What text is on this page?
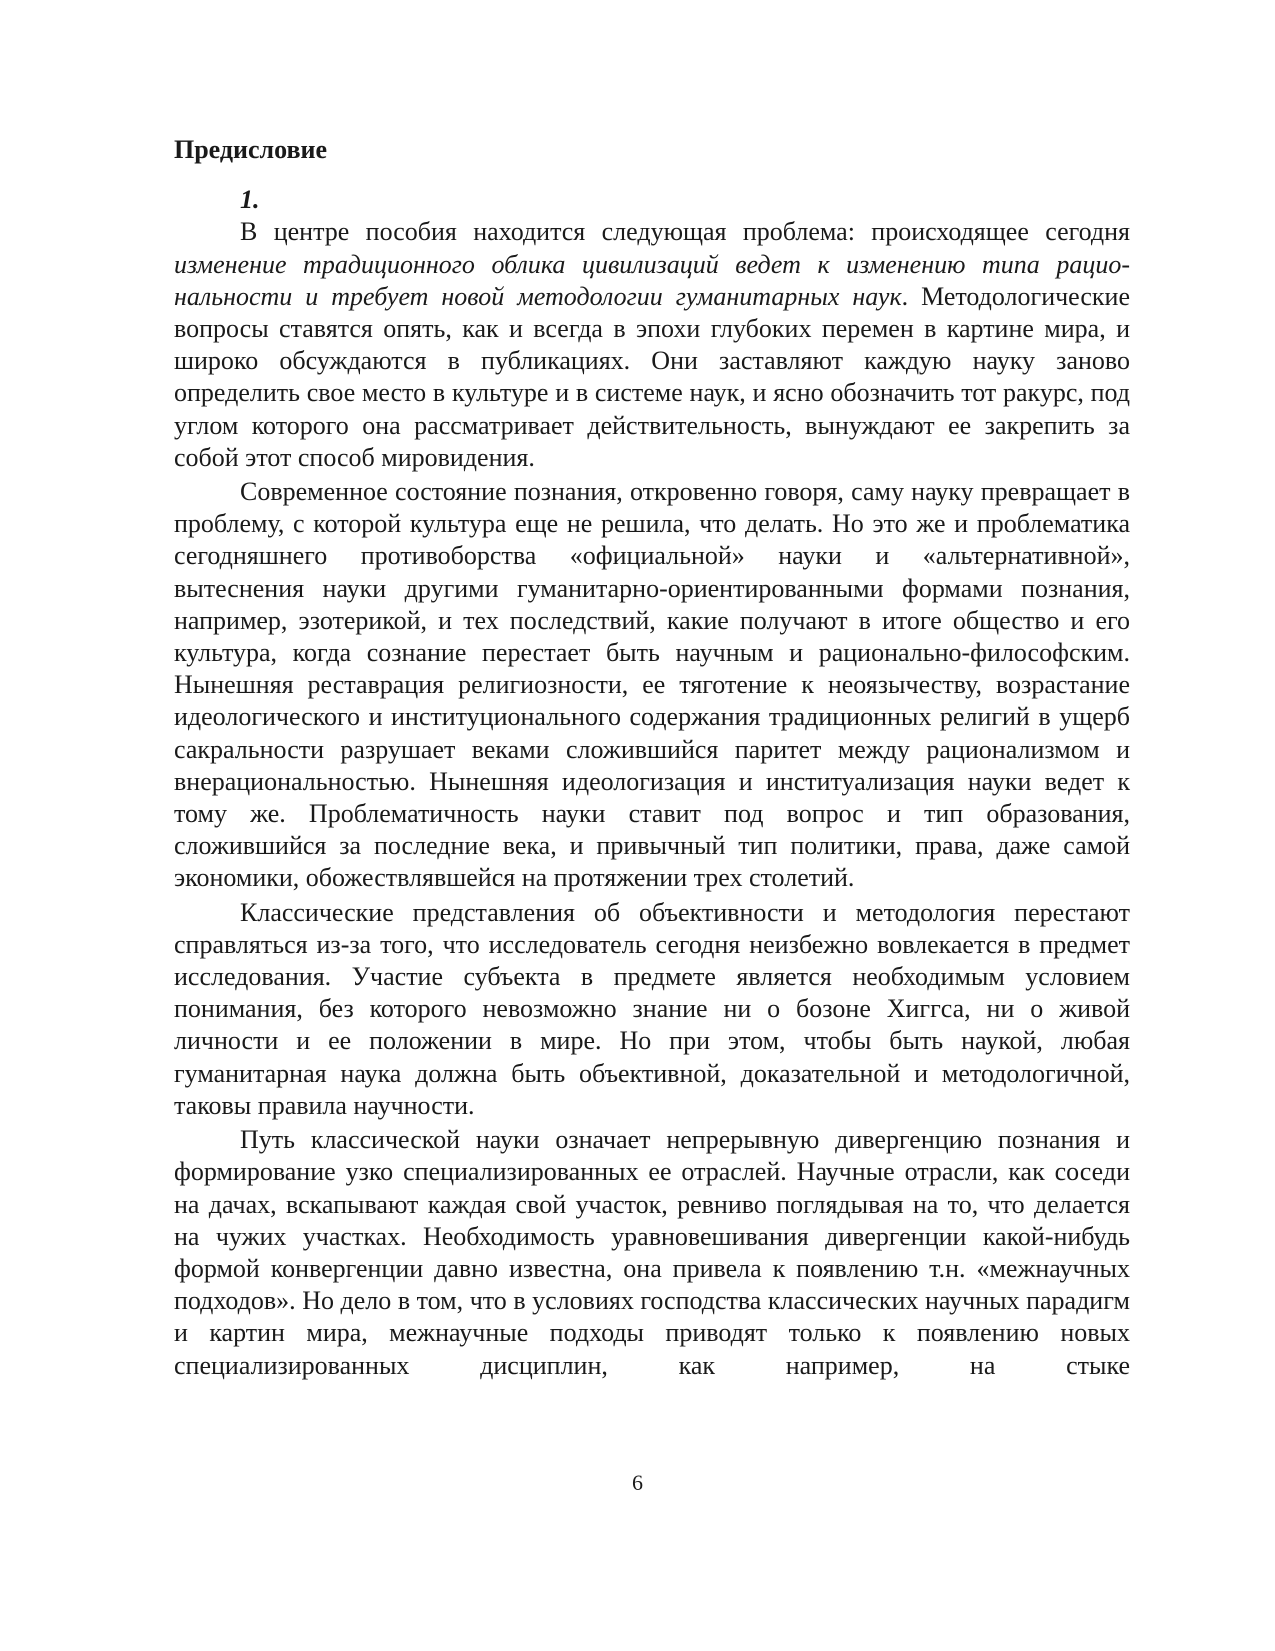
Предисловие
1.

В центре пособия находится следующая проблема: происходящее сегодня изменение традиционного облика цивилизаций ведет к изменению типа рациональности и требует новой методологии гуманитарных наук. Методологические вопросы ставятся опять, как и всегда в эпохи глубоких перемен в картине мира, и широко обсуждаются в публикациях. Они заставляют каждую науку заново определить свое место в культуре и в системе наук, и ясно обозначить тот ракурс, под углом которого она рассматривает действительность, вынуждают ее закрепить за собой этот способ мировидения.

Современное состояние познания, откровенно говоря, саму науку превращает в проблему, с которой культура еще не решила, что делать. Но это же и проблематика сегодняшнего противоборства «официальной» науки и «альтернативной», вытеснения науки другими гуманитарно-ориентированными формами познания, например, эзотерикой, и тех последствий, какие получают в итоге общество и его культура, когда сознание перестает быть научным и рационально-философским. Нынешняя реставрация религиозности, ее тяготение к неоязычеству, возрастание идеологического и институционального содержания традиционных религий в ущерб сакральности разрушает веками сложившийся паритет между рационализмом и внерациональностью. Нынешняя идеологизация и институализация науки ведет к тому же. Проблематичность науки ставит под вопрос и тип образования, сложившийся за последние века, и привычный тип политики, права, даже самой экономики, обожествлявшейся на протяжении трех столетий.

Классические представления об объективности и методология перестают справляться из-за того, что исследователь сегодня неизбежно вовлекается в предмет исследования. Участие субъекта в предмете является необходимым условием понимания, без которого невозможно знание ни о бозоне Хиггса, ни о живой личности и ее положении в мире. Но при этом, чтобы быть наукой, любая гуманитарная наука должна быть объективной, доказательной и методологичной, таковы правила научности.

Путь классической науки означает непрерывную дивергенцию познания и формирование узко специализированных ее отраслей. Научные отрасли, как соседи на дачах, вскапывают каждая свой участок, ревниво поглядывая на то, что делается на чужих участках. Необходимость уравновешивания дивергенции какой-нибудь формой конвергенции давно известна, она привела к появлению т.н. «межнаучных подходов». Но дело в том, что в условиях господства классических научных парадигм и картин мира, межнаучные подходы приводят только к появлению новых специализированных дисциплин, как например, на стыке

6
